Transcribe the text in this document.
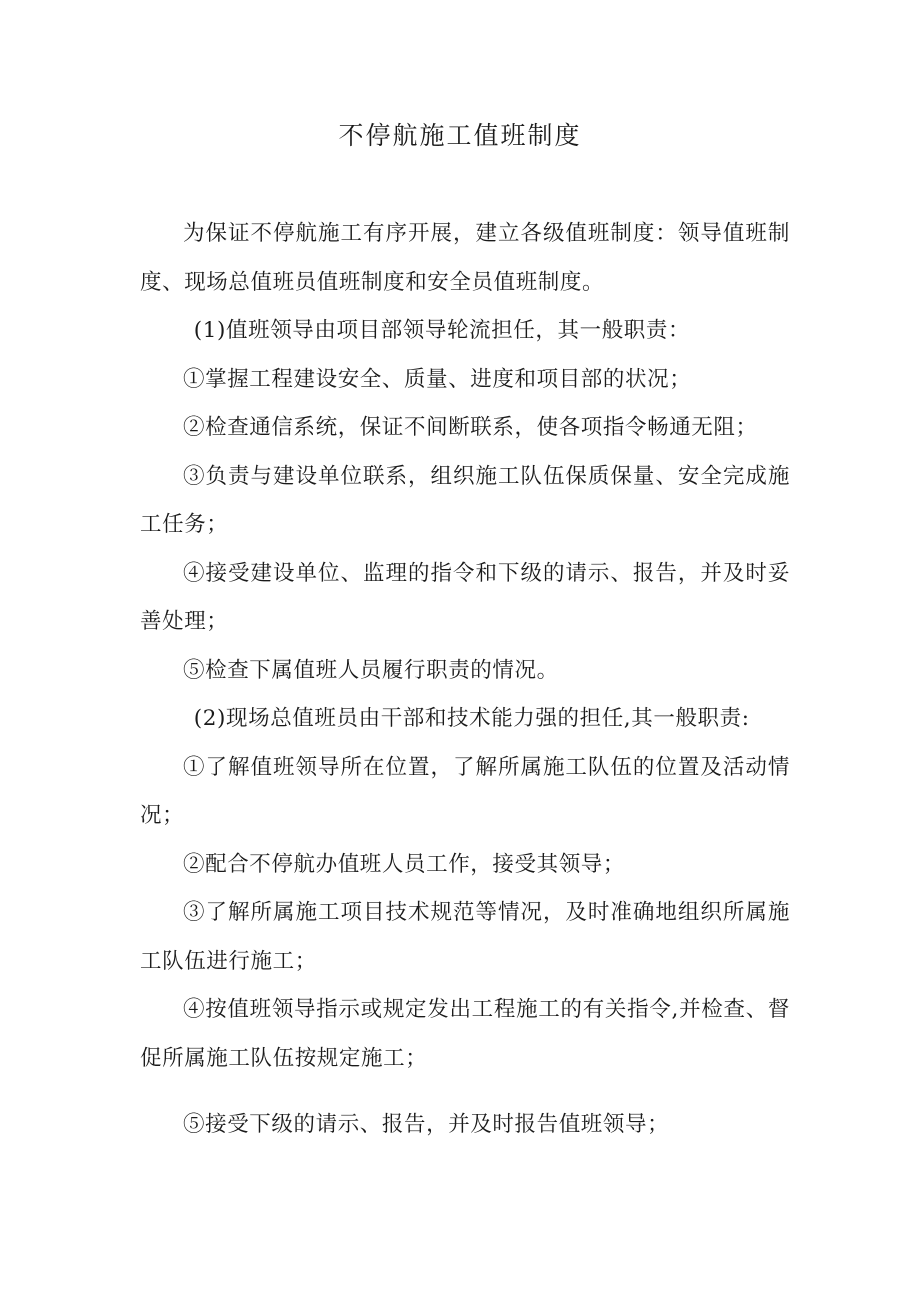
不停航施工值班制度

为保证不停航施工有序开展，建立各级值班制度：领导值班制度、现场总值班员值班制度和安全员值班制度。

(1)值班领导由项目部领导轮流担任，其一般职责：

①掌握工程建设安全、质量、进度和项目部的状况；

②检查通信系统，保证不间断联系，使各项指令畅通无阻；

③负责与建设单位联系，组织施工队伍保质保量、安全完成施工任务；

④接受建设单位、监理的指令和下级的请示、报告，并及时妥善处理；

⑤检查下属值班人员履行职责的情况。

(2)现场总值班员由干部和技术能力强的担任,其一般职责:

①了解值班领导所在位置，了解所属施工队伍的位置及活动情况；

②配合不停航办值班人员工作，接受其领导；

③了解所属施工项目技术规范等情况，及时准确地组织所属施工队伍进行施工；

④按值班领导指示或规定发出工程施工的有关指令,并检查、督促所属施工队伍按规定施工；

⑤接受下级的请示、报告，并及时报告值班领导；
